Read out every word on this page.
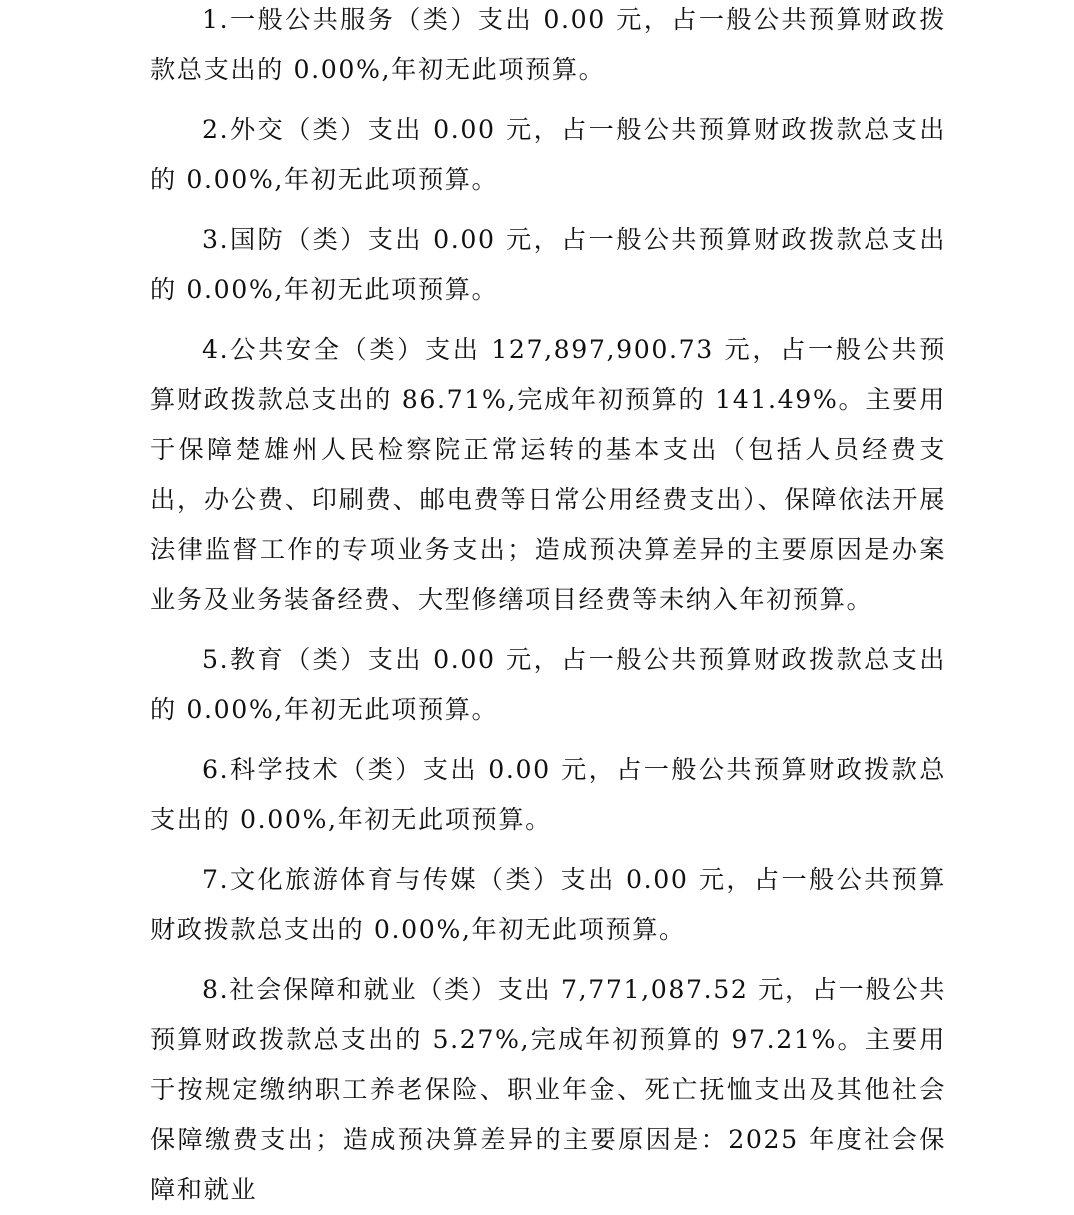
1.一般公共服务（类）支出 0.00 元，占一般公共预算财政拨款总支出的 0.00%,年初无此项预算。

2.外交（类）支出 0.00 元，占一般公共预算财政拨款总支出的 0.00%,年初无此项预算。

3.国防（类）支出 0.00 元，占一般公共预算财政拨款总支出的 0.00%,年初无此项预算。

4.公共安全（类）支出 127,897,900.73 元，占一般公共预算财政拨款总支出的 86.71%,完成年初预算的 141.49%。主要用于保障楚雄州人民检察院正常运转的基本支出（包括人员经费支出，办公费、印刷费、邮电费等日常公用经费支出）、保障依法开展法律监督工作的专项业务支出；造成预决算差异的主要原因是办案业务及业务装备经费、大型修缮项目经费等未纳入年初预算。

5.教育（类）支出 0.00 元，占一般公共预算财政拨款总支出的 0.00%,年初无此项预算。

6.科学技术（类）支出 0.00 元，占一般公共预算财政拨款总支出的 0.00%,年初无此项预算。

7.文化旅游体育与传媒（类）支出 0.00 元，占一般公共预算财政拨款总支出的 0.00%,年初无此项预算。

8.社会保障和就业（类）支出 7,771,087.52 元，占一般公共预算财政拨款总支出的 5.27%,完成年初预算的 97.21%。主要用于按规定缴纳职工养老保险、职业年金、死亡抚恤支出及其他社会保障缴费支出；造成预决算差异的主要原因是：2025 年度社会保障和就业
